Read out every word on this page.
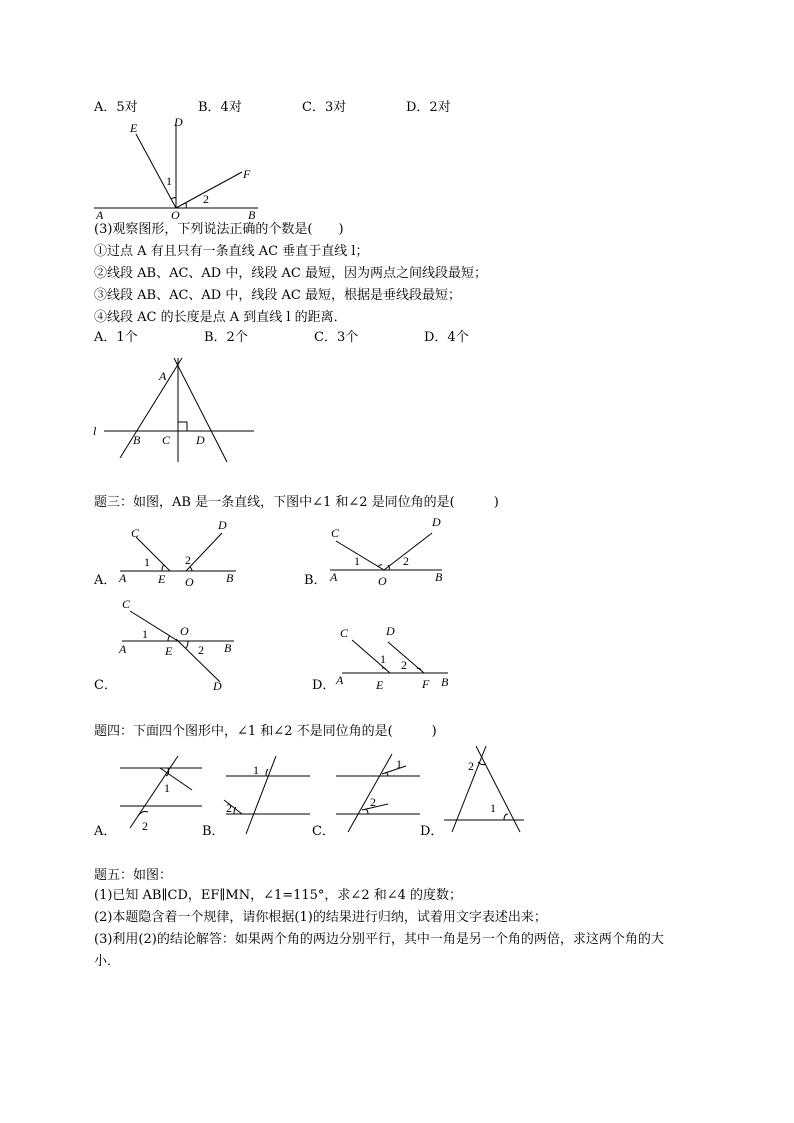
A．5对	B．4对	C．3对	D．2对
E	D
F
A	O	B
1
2
(3)观察图形，下列说法正确的个数是(　　)
①过点 A 有且只有一条直线 AC 垂直于直线 l；
②线段 AB、AC、AD 中，线段 AC 最短，因为两点之间线段最短；
③线段 AB、AC、AD 中，线段 AC 最短，根据是垂线段最短；
④线段 AC 的长度是点 A 到直线 l 的距离．
A．1个	B．2个	C．3个	D．4个
A
l
B C D
题三：如图，AB 是一条直线，下图中∠1 和∠2 是同位角的是(　　　)
A．
C
D
1	2
A	E O	B	B．
C
D
1	2
A	O	B
C．
C
O
1
2
A	E	B
D	D．
C	D
1 2
A	E	F B
题四：下面四个图形中，∠1 和∠2 不是同位角的是(　　　)
A．
1
2	B．
1
2
C．
1
2
D．
2
1
题五：如图：
(1)已知 AB∥CD，EF∥MN，∠1=115°，求∠2 和∠4 的度数；
(2)本题隐含着一个规律，请你根据(1)的结果进行归纳，试着用文字表述出来；
(3)利用(2)的结论解答：如果两个角的两边分别平行，其中一角是另一个角的两倍，求这两个角的大
小．
